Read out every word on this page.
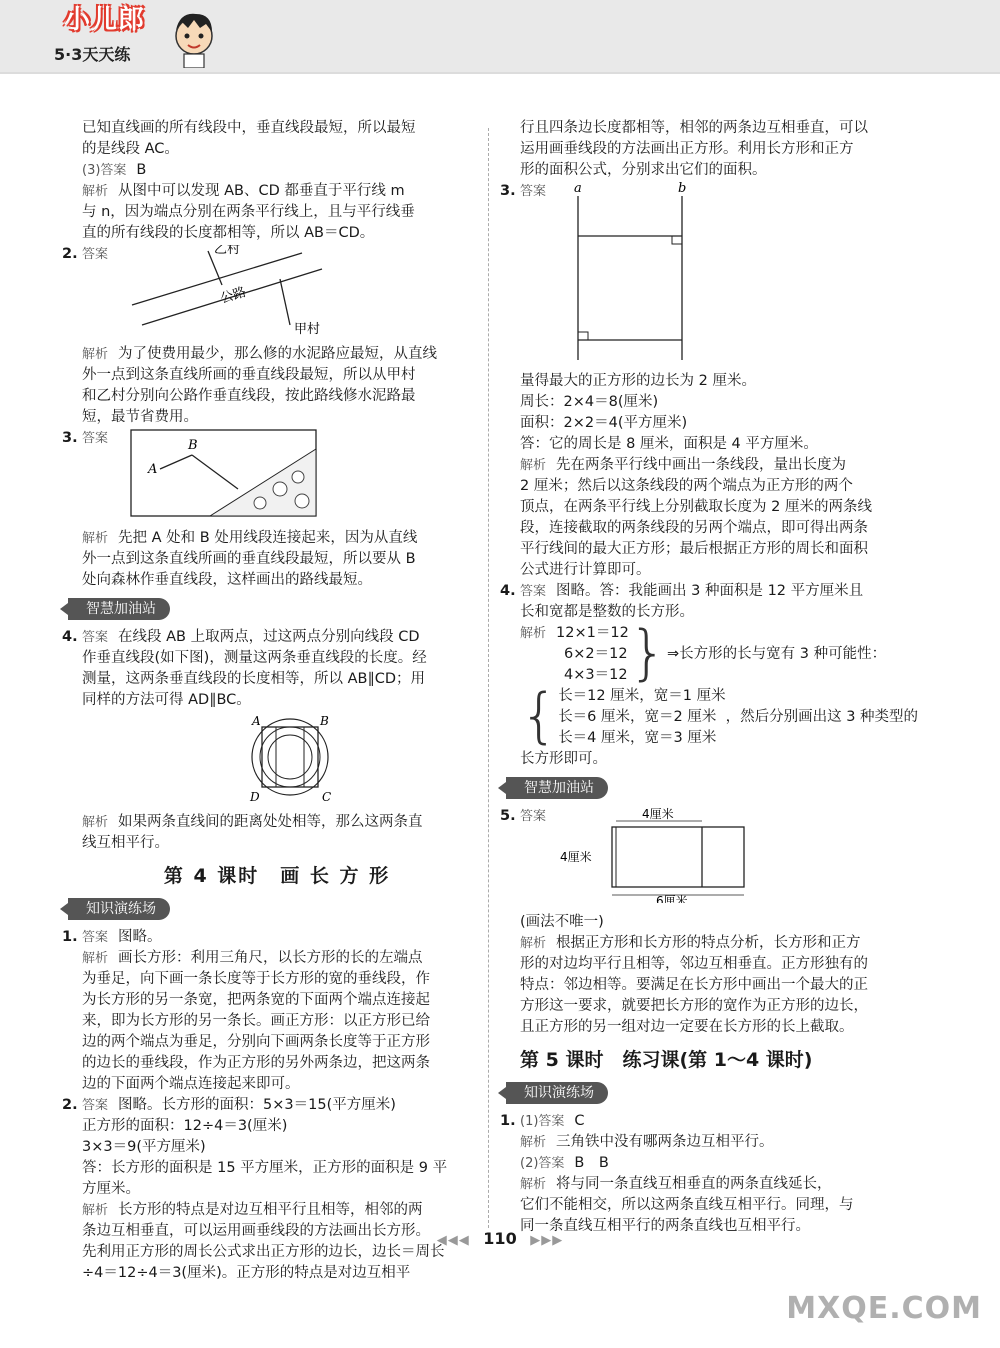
小儿郎
5·3天天练
已知直线画的所有线段中，垂直线段最短，所以最短
的是线段 AC。
(3)答案 B
解析 从图中可以发现 AB、CD 都垂直于平行线 m
与 n，因为端点分别在两条平行线上，且与平行线垂
直的所有线段的长度都相等，所以 AB＝CD。
2. 答案	乙村
公路
甲村
解析 为了使费用最少，那么修的水泥路应最短，从直线
外一点到这条直线所画的垂直线段最短，所以从甲村
和乙村分别向公路作垂直线段，按此路线修水泥路最
短，最节省费用。
3. 答案
A
B
解析 先把 A 处和 B 处用线段连接起来，因为从直线
外一点到这条直线所画的垂直线段最短，所以要从 B
处向森林作垂直线段，这样画出的路线最短。
智慧加油站
4. 答案 在线段 AB 上取两点，过这两点分别向线段 CD
作垂直线段(如下图)，测量这两条垂直线段的长度。经
测量，这两条垂直线段的长度相等，所以 AB∥CD；用
同样的方法可得 AD∥BC。
A	B
C
D
解析 如果两条直线间的距离处处相等，那么这两条直
线互相平行。
第 4 课时　画 长 方 形
知识演练场
1. 答案 图略。
解析 画长方形：利用三角尺，以长方形的长的左端点
为垂足，向下画一条长度等于长方形的宽的垂线段，作
为长方形的另一条宽，把两条宽的下面两个端点连接起
来，即为长方形的另一条长。画正方形：以正方形已给
边的两个端点为垂足，分别向下画两条长度等于正方形
的边长的垂线段，作为正方形的另外两条边，把这两条
边的下面两个端点连接起来即可。
2. 答案 图略。长方形的面积：5×3＝15(平方厘米)
正方形的面积：12÷4＝3(厘米)
3×3＝9(平方厘米)
答：长方形的面积是 15 平方厘米，正方形的面积是 9 平
方厘米。
解析 长方形的特点是对边互相平行且相等，相邻的两
条边互相垂直，可以运用画垂线段的方法画出长方形。
先利用正方形的周长公式求出正方形的边长，边长＝周长
÷4＝12÷4＝3(厘米)。正方形的特点是对边互相平
行且四条边长度都相等，相邻的两条边互相垂直，可以
运用画垂线段的方法画出正方形。利用长方形和正方
形的面积公式，分别求出它们的面积。
3. 答案	a	b
量得最大的正方形的边长为 2 厘米。
周长：2×4＝8(厘米)
面积：2×2＝4(平方厘米)
答：它的周长是 8 厘米，面积是 4 平方厘米。
解析 先在两条平行线中画出一条线段，量出长度为
2 厘米；然后以这条线段的两个端点为正方形的两个
顶点，在两条平行线上分别截取长度为 2 厘米的两条线
段，连接截取的两条线段的另两个端点，即可得出两条
平行线间的最大正方形；最后根据正方形的周长和面积
公式进行计算即可。
4. 答案 图略。答：我能画出 3 种面积是 12 平方厘米且
长和宽都是整数的长方形。
解析 12×1＝12
6×2＝12
4×3＝12 } ⇒长方形的长与宽有 3 种可能性：
{ 长＝12 厘米，宽＝1 厘米
长＝6 厘米，宽＝2 厘米
长＝4 厘米，宽＝3 厘米
，然后分别画出这 3 种类型的
长方形即可。
智慧加油站
5. 答案	4厘米
4厘米
6厘米
(画法不唯一)
解析 根据正方形和长方形的特点分析，长方形和正方
形的对边均平行且相等，邻边互相垂直。正方形独有的
特点：邻边相等。要满足在长方形中画出一个最大的正
方形这一要求，就要把长方形的宽作为正方形的边长，
且正方形的另一组对边一定要在长方形的长上截取。
第 5 课时　练习课(第 1～4 课时)
知识演练场
1. (1)答案 C
解析 三角铁中没有哪两条边互相平行。
(2)答案 B　B
解析 将与同一条直线互相垂直的两条直线延长，
它们不能相交，所以这两条直线互相平行。同理，与
同一条直线互相平行的两条直线也互相平行。
◀◀◀ 110 ▶▶▶
MXQE.COM
